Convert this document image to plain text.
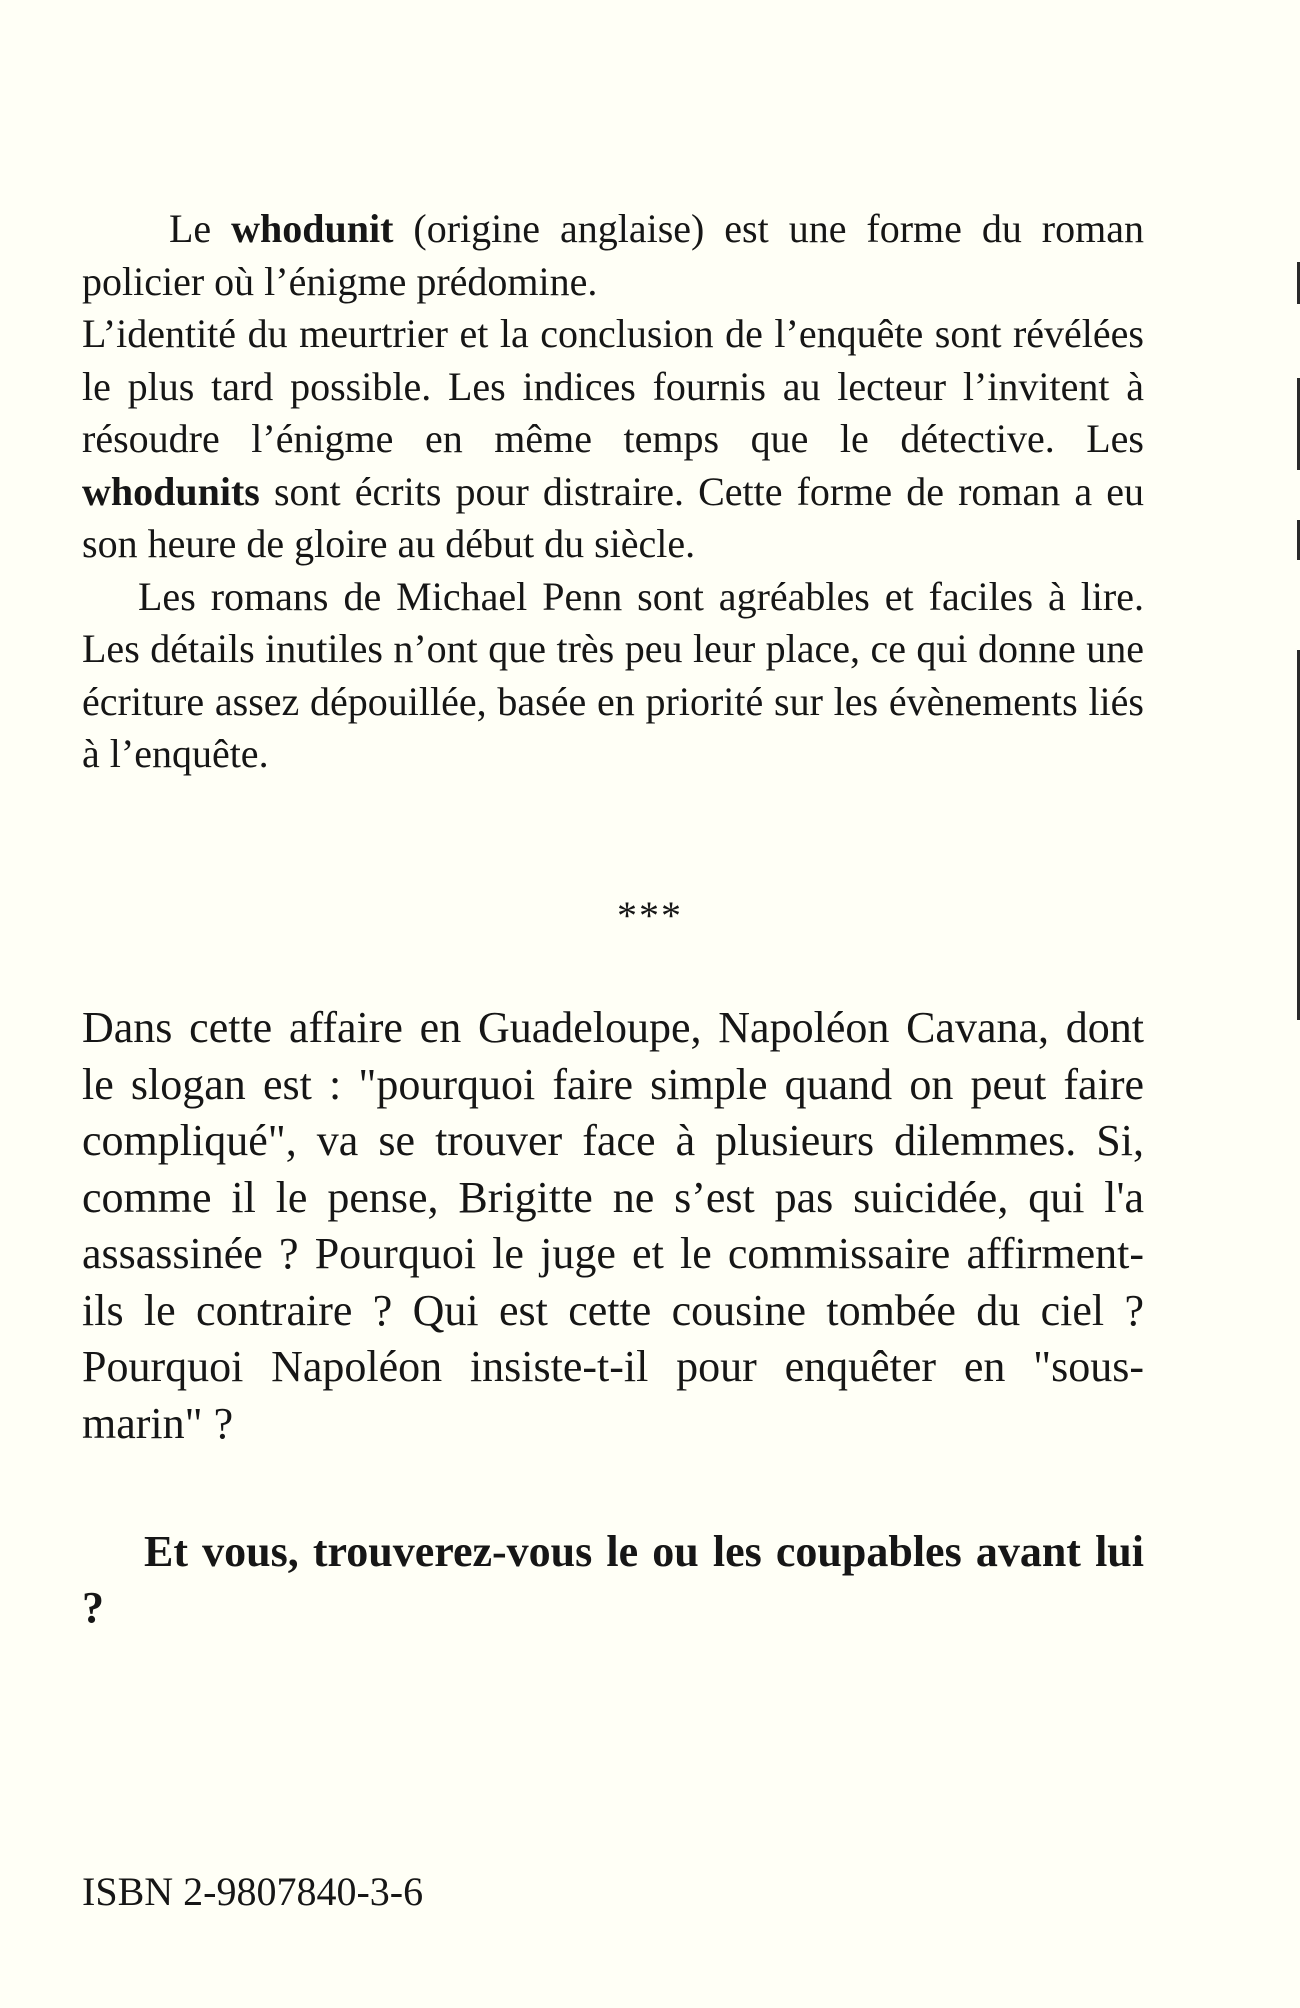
Le whodunit (origine anglaise) est une forme du roman policier où l’énigme prédomine.

L’identité du meurtrier et la conclusion de l’enquête sont révélées le plus tard possible. Les indices fournis au lecteur l’invitent à résoudre l’énigme en même temps que le détective. Les whodunits sont écrits pour distraire. Cette forme de roman a eu son heure de gloire au début du siècle.

Les romans de Michael Penn sont agréables et faciles à lire. Les détails inutiles n’ont que très peu leur place, ce qui donne une écriture assez dépouillée, basée en priorité sur les évènements liés à l’enquête.

***

Dans cette affaire en Guadeloupe, Napoléon Cavana, dont le slogan est : "pourquoi faire simple quand on peut faire compliqué", va se trouver face à plusieurs dilemmes. Si, comme il le pense, Brigitte ne s’est pas suicidée, qui l'a assassinée ? Pourquoi le juge et le commissaire affirment-ils le contraire ? Qui est cette cousine tombée du ciel ? Pourquoi Napoléon insiste-t-il pour enquêter en "sous-marin" ?

Et vous, trouverez-vous le ou les coupables avant lui ?

ISBN 2-9807840-3-6
